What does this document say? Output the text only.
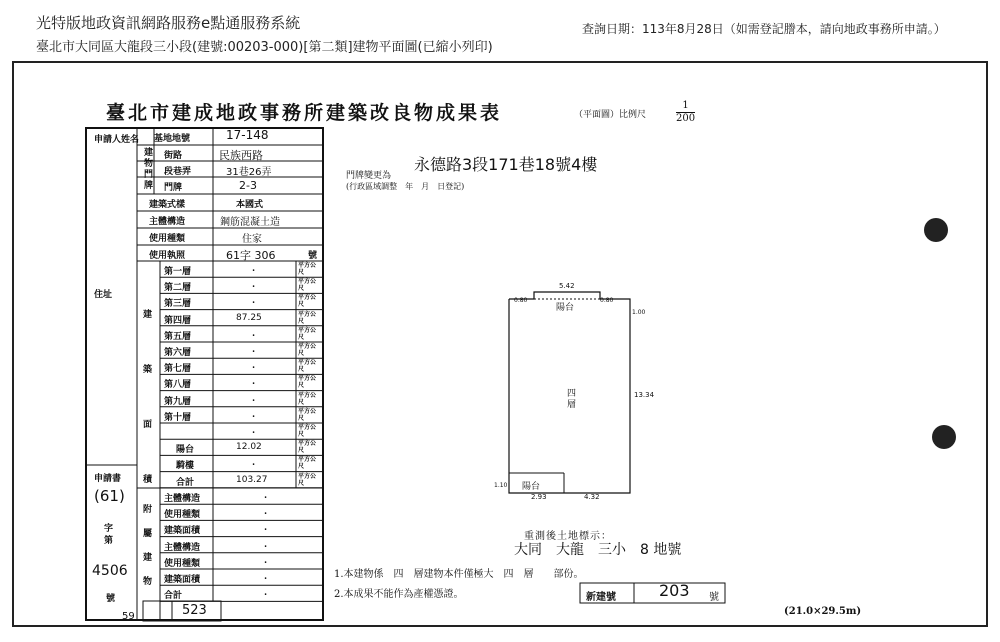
光特版地政資訊網路服務e點通服務系統
臺北市大同區大龍段三小段(建號:00203-000)[第二類]建物平面圖(已縮小列印)
查詢日期：113年8月28日（如需登記謄本，請向地政事務所申請。）
臺北市建成地政事務所建築改良物成果表	（平面圖）比例尺	$\frac{1}{200}$
申請人姓名
住址
建物門牌
基地地號	17-148
街路	民族西路
段巷弄	31巷26弄
門牌	2-3
建築式樣	本國式
主體構造	鋼筋混凝土造
使用種類	住家
使用執照	61字 306	號
建築面積
第一層	.	平方公尺
第二層	.	平方公尺
第三層	.	平方公尺
第四層	87.25	平方公尺
第五層	.	平方公尺
第六層	.	平方公尺
第七層	.	平方公尺
第八層	.	平方公尺
第九層	.	平方公尺
第十層	.	平方公尺
.	平方公尺
陽台	12.02	平方公尺
騎樓	.	平方公尺
合計	103.27	平方公尺
附屬建物
主體構造	.
使用種類	.
建築面積	.
主體構造	.
使用種類	.
建築面積	.
合計	.
申請書
(61)
字第
4506
號
59	523
門牌變更為
永德路3段171巷18號4樓
(行政區域調整　年　月　日登記)
陽台
四層
陽台
5.42
13.34
2.93	4.32
0.80	0.80
1.00
1.10
重測後土地標示：
大同　大龍　三小　8 地號
1.本建物係　四　層建物本件僅極大　四　層　　部份。
2.本成果不能作為產權憑證。	新建號	203 號
(21.0×29.5m)
